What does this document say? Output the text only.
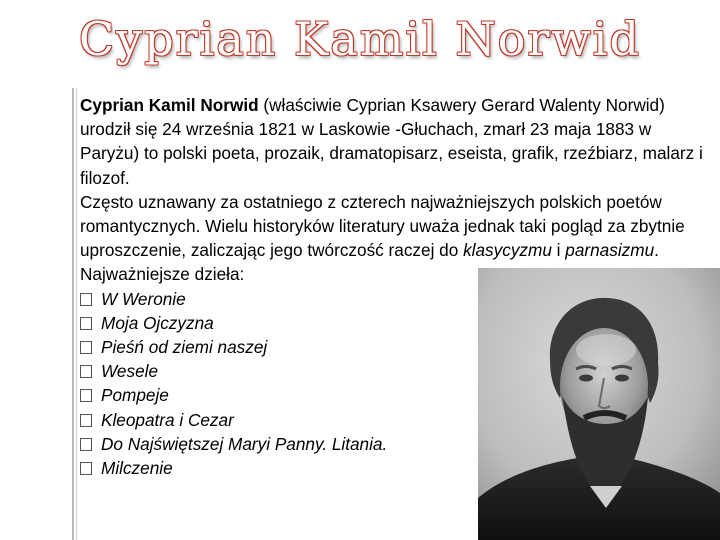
Cyprian Kamil Norwid

Cyprian Kamil Norwid (właściwie Cyprian Ksawery Gerard Walenty Norwid) urodził się 24 września 1821 w Laskowie -Głuchach, zmarł 23 maja 1883 w Paryżu) to polski poeta, prozaik, dramatopisarz, eseista, grafik, rzeźbiarz, malarz i filozof.

Często uznawany za ostatniego z czterech najważniejszych polskich poetów romantycznych. Wielu historyków literatury uważa jednak taki pogląd za zbytnie uproszczenie, zaliczając jego twórczość raczej do klasycyzmu i parnasizmu.

Najważniejsze dzieła:

W Weronie
Moja Ojczyzna
Pieśń od ziemi naszej
Wesele
Pompeje
Kleopatra i Cezar
Do Najświętszej Maryi Panny. Litania.
Milczenie
